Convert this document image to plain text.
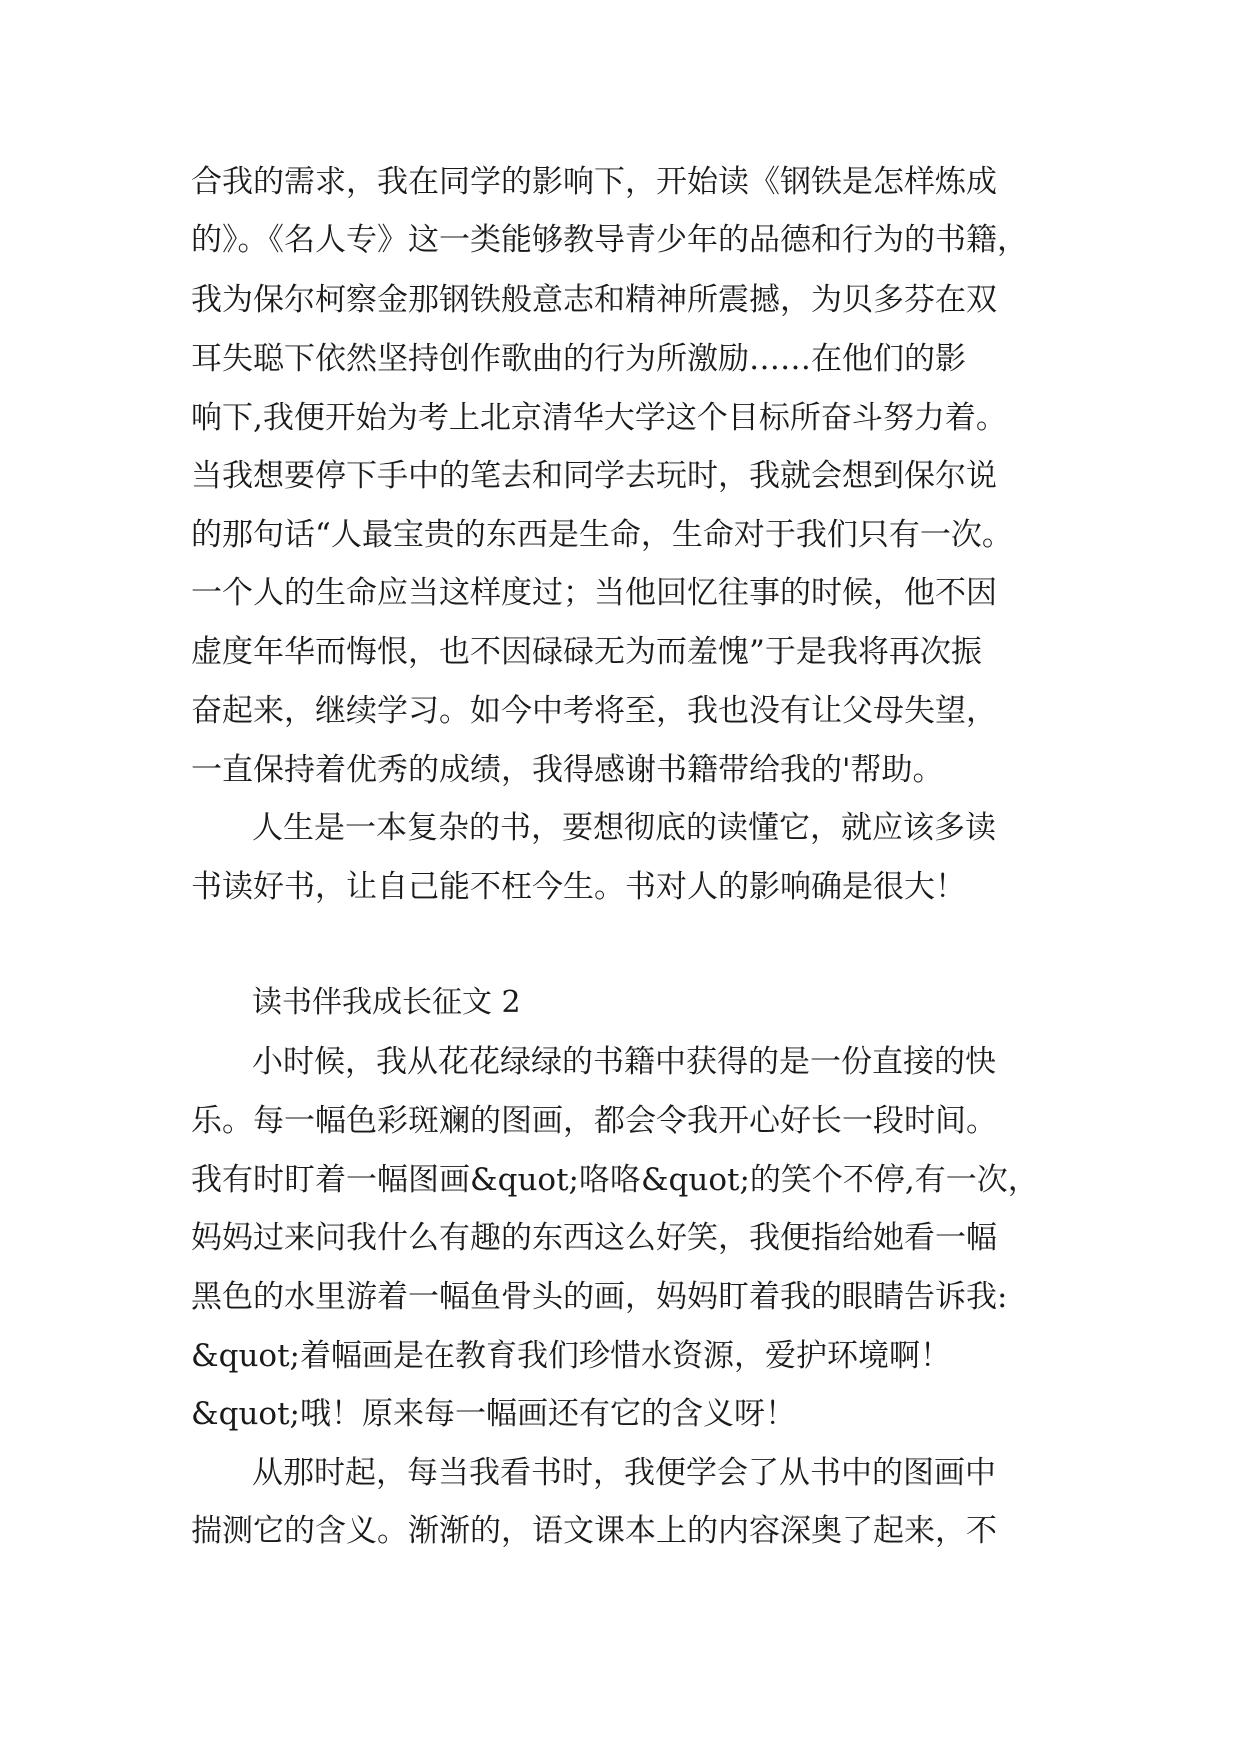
合我的需求，我在同学的影响下，开始读《钢铁是怎样炼成
的》。《名人专》这一类能够教导青少年的品德和行为的书籍，
我为保尔柯察金那钢铁般意志和精神所震撼，为贝多芬在双
耳失聪下依然坚持创作歌曲的行为所激励……在他们的影
响下,我便开始为考上北京清华大学这个目标所奋斗努力着。
当我想要停下手中的笔去和同学去玩时，我就会想到保尔说
的那句话“人最宝贵的东西是生命，生命对于我们只有一次。
一个人的生命应当这样度过；当他回忆往事的时候，他不因
虚度年华而悔恨，也不因碌碌无为而羞愧”于是我将再次振
奋起来，继续学习。如今中考将至，我也没有让父母失望，
一直保持着优秀的成绩，我得感谢书籍带给我的'帮助。
人生是一本复杂的书，要想彻底的读懂它，就应该多读
书读好书，让自己能不枉今生。书对人的影响确是很大！
读书伴我成长征文 2
小时候，我从花花绿绿的书籍中获得的是一份直接的快
乐。每一幅色彩斑斓的图画，都会令我开心好长一段时间。
我有时盯着一幅图画&quot;咯咯&quot;的笑个不停,有一次，
妈妈过来问我什么有趣的东西这么好笑，我便指给她看一幅
黑色的水里游着一幅鱼骨头的画，妈妈盯着我的眼睛告诉我:
&quot;着幅画是在教育我们珍惜水资源，爱护环境啊！
&quot;哦！原来每一幅画还有它的含义呀！
从那时起，每当我看书时，我便学会了从书中的图画中
揣测它的含义。渐渐的，语文课本上的内容深奥了起来，不
